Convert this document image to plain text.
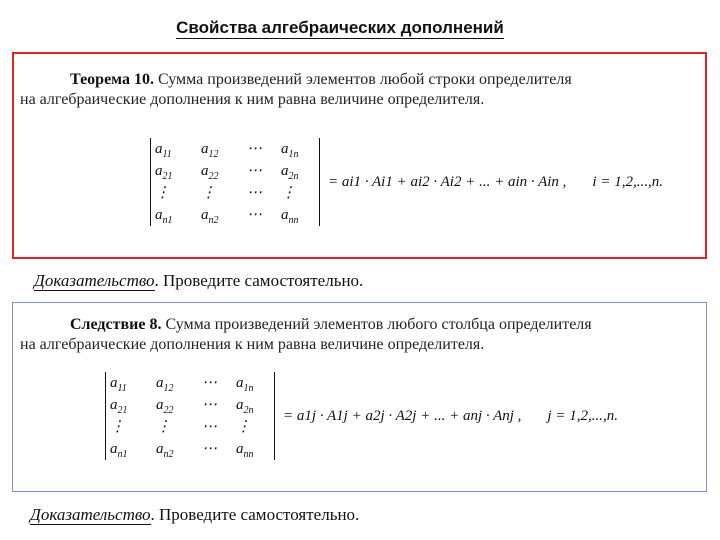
Свойства алгебраических дополнений
Теорема 10. Сумма произведений элементов любой строки определителя
на алгебраические дополнения к ним равна величине определителя.
$a_{11}$	$a_{12}$	⋯	$a_{1n}$
$a_{21}$	$a_{22}$	⋯	$a_{2n}$
⋮	⋮	⋯	⋮
$a_{n1}$	$a_{n2}$	⋯	$a_{nn}$
= ai1 · Ai1 + ai2 · Ai2 + ... + ain · Ain , i = 1,2,...,n.
Доказательство. Проведите самостоятельно.
Следствие 8. Сумма произведений элементов любого столбца определителя
на алгебраические дополнения к ним равна величине определителя.
$a_{11}$	$a_{12}$	⋯	$a_{1n}$
$a_{21}$	$a_{22}$	⋯	$a_{2n}$
⋮	⋮	⋯	⋮
$a_{n1}$	$a_{n2}$	⋯	$a_{nn}$
= a1j · A1j + a2j · A2j + ... + anj · Anj , j = 1,2,...,n.
Доказательство. Проведите самостоятельно.
